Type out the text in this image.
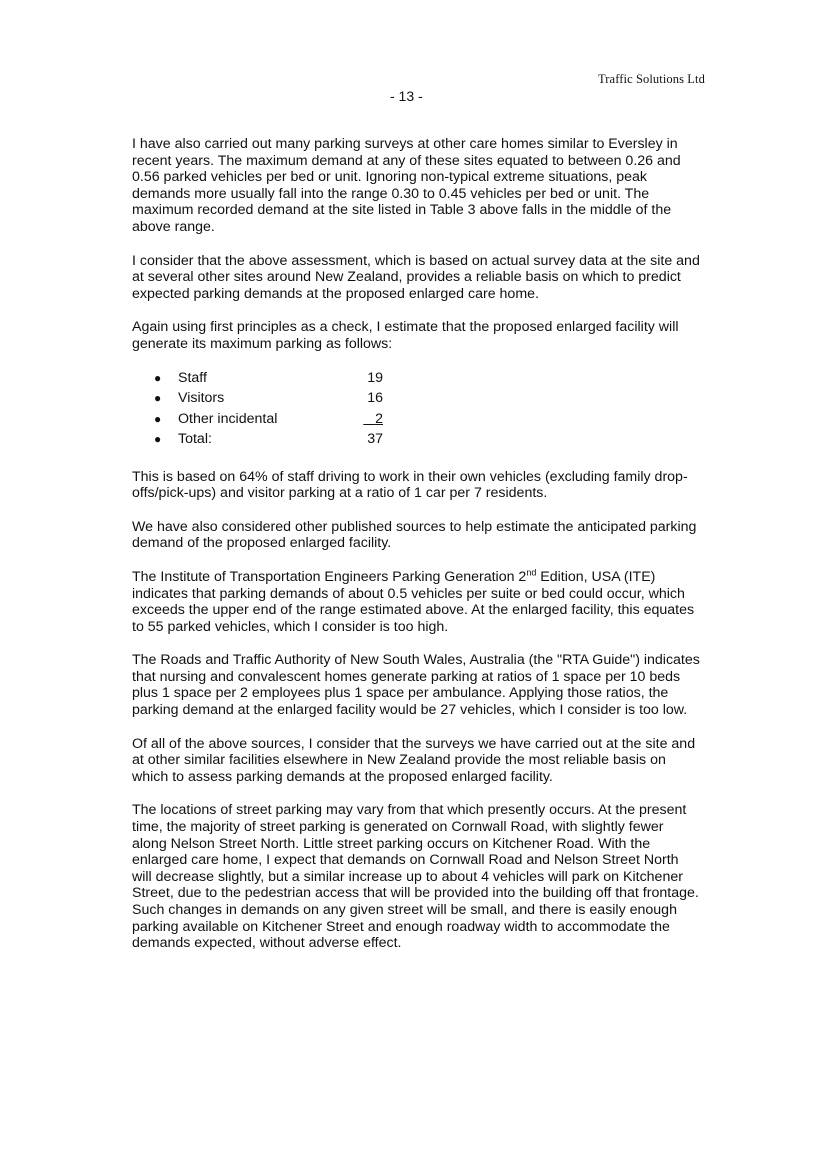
Traffic Solutions Ltd
- 13 -

I have also carried out many parking surveys at other care homes similar to Eversley in recent years. The maximum demand at any of these sites equated to between 0.26 and 0.56 parked vehicles per bed or unit. Ignoring non-typical extreme situations, peak demands more usually fall into the range 0.30 to 0.45 vehicles per bed or unit. The maximum recorded demand at the site listed in Table 3 above falls in the middle of the above range.

I consider that the above assessment, which is based on actual survey data at the site and at several other sites around New Zealand, provides a reliable basis on which to predict expected parking demands at the proposed enlarged care home.

Again using first principles as a check, I estimate that the proposed enlarged facility will generate its maximum parking as follows:

●	Staff	19
●	Visitors	16
●	Other incidental	2
●	Total:	37

This is based on 64% of staff driving to work in their own vehicles (excluding family drop-offs/pick-ups) and visitor parking at a ratio of 1 car per 7 residents.

We have also considered other published sources to help estimate the anticipated parking demand of the proposed enlarged facility.

The Institute of Transportation Engineers Parking Generation 2nd Edition, USA (ITE) indicates that parking demands of about 0.5 vehicles per suite or bed could occur, which exceeds the upper end of the range estimated above. At the enlarged facility, this equates to 55 parked vehicles, which I consider is too high.

The Roads and Traffic Authority of New South Wales, Australia (the "RTA Guide") indicates that nursing and convalescent homes generate parking at ratios of 1 space per 10 beds plus 1 space per 2 employees plus 1 space per ambulance. Applying those ratios, the parking demand at the enlarged facility would be 27 vehicles, which I consider is too low.

Of all of the above sources, I consider that the surveys we have carried out at the site and at other similar facilities elsewhere in New Zealand provide the most reliable basis on which to assess parking demands at the proposed enlarged facility.

The locations of street parking may vary from that which presently occurs. At the present time, the majority of street parking is generated on Cornwall Road, with slightly fewer along Nelson Street North. Little street parking occurs on Kitchener Road. With the enlarged care home, I expect that demands on Cornwall Road and Nelson Street North will decrease slightly, but a similar increase up to about 4 vehicles will park on Kitchener Street, due to the pedestrian access that will be provided into the building off that frontage. Such changes in demands on any given street will be small, and there is easily enough parking available on Kitchener Street and enough roadway width to accommodate the demands expected, without adverse effect.
